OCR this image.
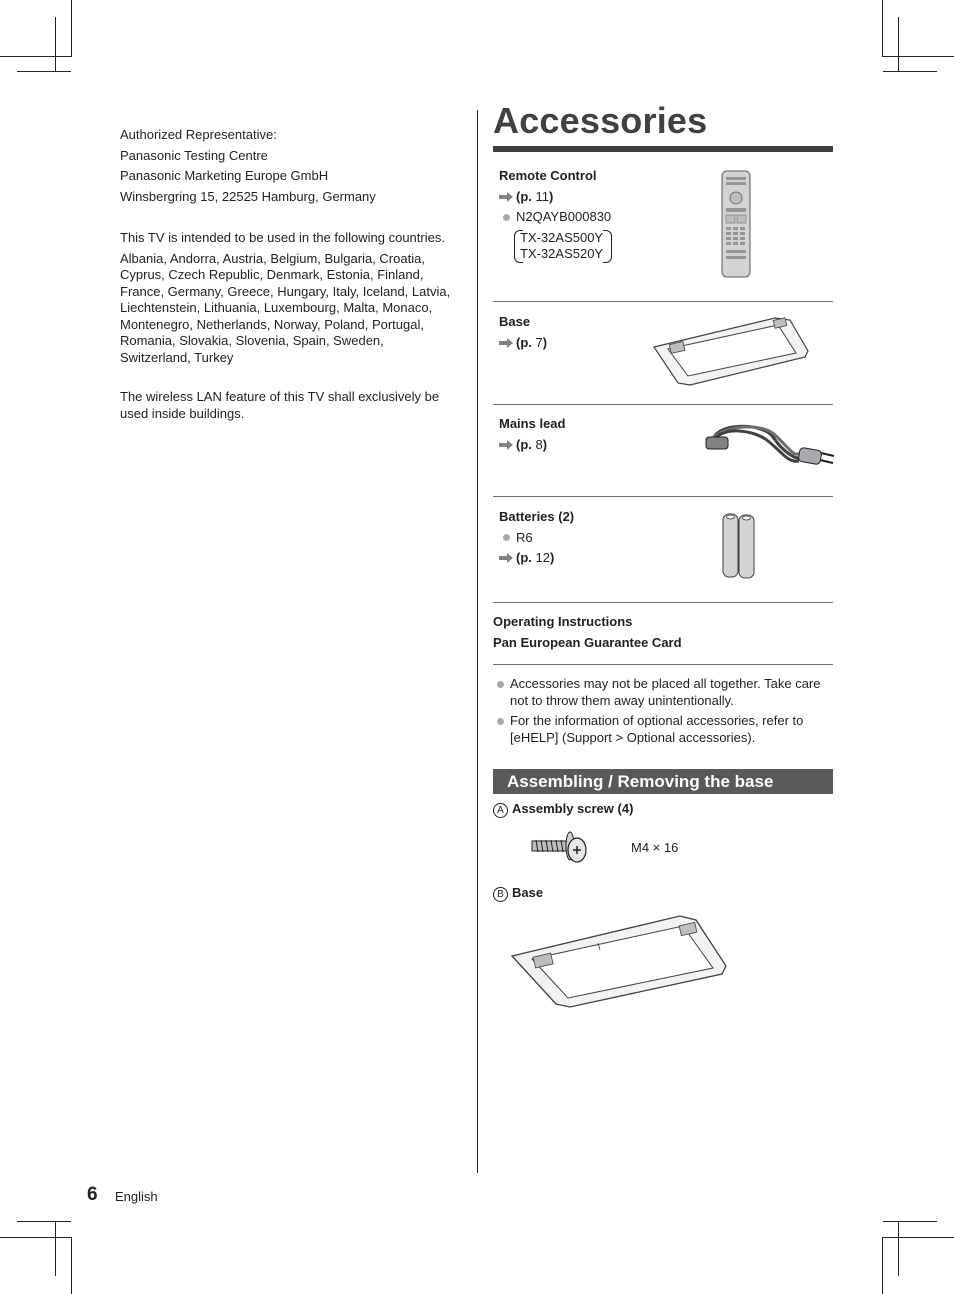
Authorized Representative:

Panasonic Testing Centre

Panasonic Marketing Europe GmbH

Winsbergring 15, 22525 Hamburg, Germany

This TV is intended to be used in the following countries.

Albania, Andorra, Austria, Belgium, Bulgaria, Croatia, Cyprus, Czech Republic, Denmark, Estonia, Finland, France, Germany, Greece, Hungary, Italy, Iceland, Latvia, Liechtenstein, Lithuania, Luxembourg, Malta, Monaco, Montenegro, Netherlands, Norway, Poland, Portugal, Romania, Slovakia, Slovenia, Spain, Sweden, Switzerland, Turkey

The wireless LAN feature of this TV shall exclusively be used inside buildings.
Accessories
Remote Control
(p. 11)
N2QAYB000830
TX-32AS500Y
TX-32AS520Y
Base
(p. 7)
Mains lead
(p. 8)
Batteries (2)
R6
(p. 12)
Operating Instructions
Pan European Guarantee Card
Accessories may not be placed all together. Take care not to throw them away unintentionally.
For the information of optional accessories, refer to [eHELP] (Support > Optional accessories).
Assembling / Removing the base
A Assembly screw (4)
M4 × 16
B Base
6 English
